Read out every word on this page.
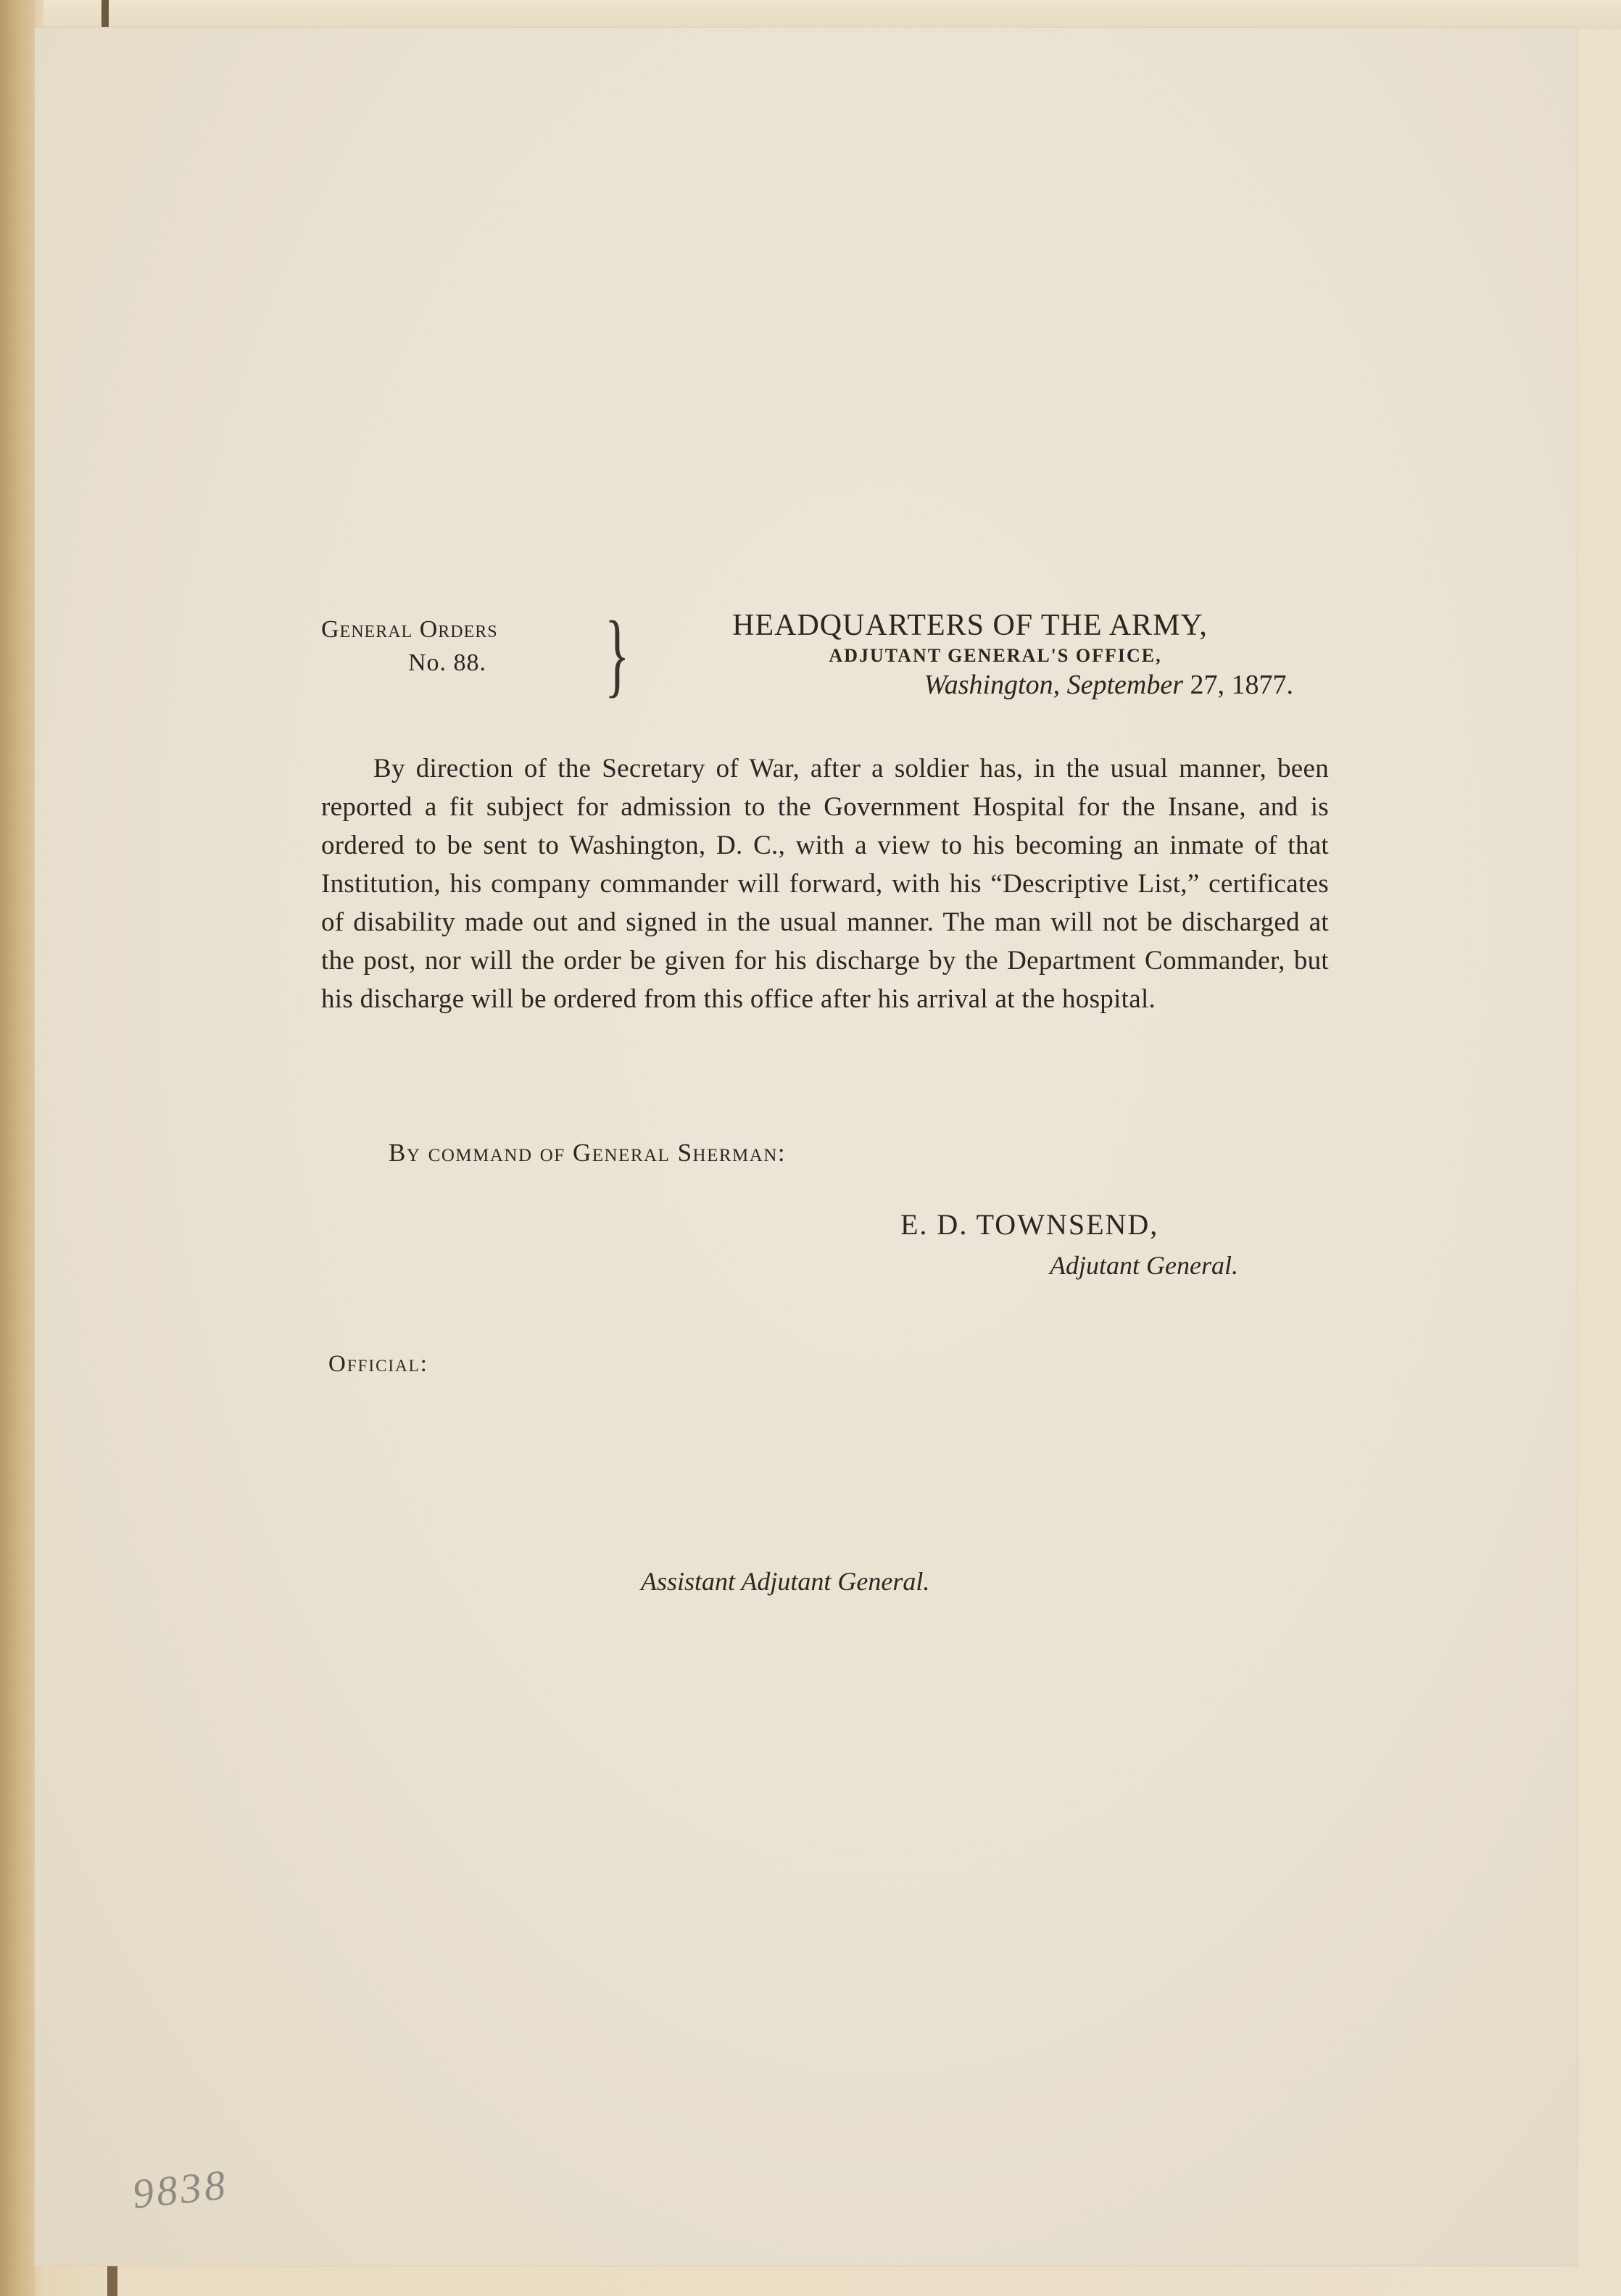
General Orders
No. 88.	}	HEADQUARTERS OF THE ARMY,
ADJUTANT GENERAL'S OFFICE,
Washington, September 27, 1877.
By direction of the Secretary of War, after a soldier has, in the usual manner, been reported a fit subject for admission to the Government Hospital for the Insane, and is ordered to be sent to Washington, D. C., with a view to his becoming an inmate of that Institution, his company commander will forward, with his “Descriptive List,” certificates of disability made out and signed in the usual manner. The man will not be discharged at the post, nor will the order be given for his discharge by the Department Commander, but his discharge will be ordered from this office after his arrival at the hospital.
By command of General Sherman:
E. D. TOWNSEND,
Adjutant General.
Official:
Assistant Adjutant General.
9838
